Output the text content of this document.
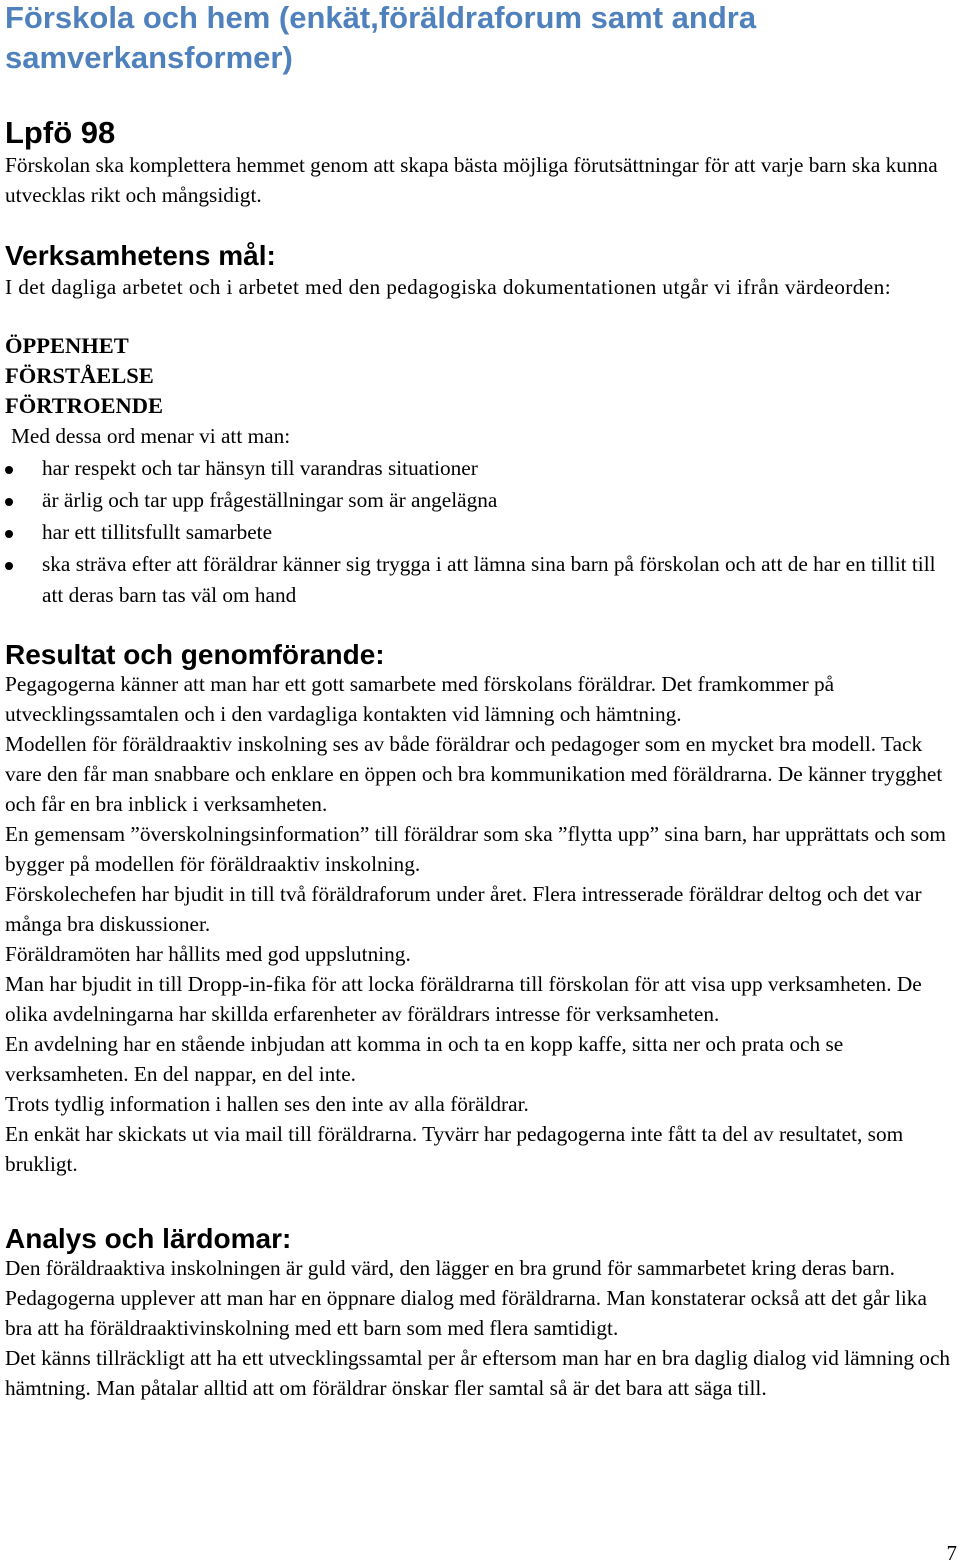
Förskola och hem (enkät,föräldraforum samt andra samverkansformer)
Lpfö 98

Förskolan ska komplettera hemmet genom att skapa bästa möjliga förutsättningar för att varje barn ska kunna utvecklas rikt och mångsidigt.

Verksamhetens mål:

I det dagliga arbetet och i arbetet med den pedagogiska dokumentationen utgår vi ifrån värdeorden:

ÖPPENHET

FÖRSTÅELSE

FÖRTROENDE

Med dessa ord menar vi att man:

har respekt och tar hänsyn till varandras situationer
är ärlig och tar upp frågeställningar som är angelägna
har ett tillitsfullt samarbete
ska sträva efter att föräldrar känner sig trygga i att lämna sina barn på förskolan och att de har en tillit till att deras barn tas väl om hand
Resultat och genomförande:

Pegagogerna känner att man har ett gott samarbete med förskolans föräldrar. Det framkommer på utvecklingssamtalen och i den vardagliga kontakten vid lämning och hämtning.

Modellen för föräldraaktiv inskolning ses av både föräldrar och pedagoger som en mycket bra modell. Tack vare den får man snabbare och enklare en öppen och bra kommunikation med föräldrarna. De känner trygghet och får en bra inblick i verksamheten.

En gemensam ”överskolningsinformation” till föräldrar som ska ”flytta upp” sina barn, har upprättats och som bygger på modellen för föräldraaktiv inskolning.

Förskolechefen har bjudit in till två föräldraforum under året. Flera intresserade föräldrar deltog och det var många bra diskussioner.

Föräldramöten har hållits med god uppslutning.

Man har bjudit in till Dropp-in-fika för att locka föräldrarna till förskolan för att visa upp verksamheten. De olika avdelningarna har skillda erfarenheter av föräldrars intresse för verksamheten.

En avdelning har en stående inbjudan att komma in och ta en kopp kaffe, sitta ner och prata och se verksamheten. En del nappar, en del inte.

Trots tydlig information i hallen ses den inte av alla föräldrar.

En enkät har skickats ut via mail till föräldrarna. Tyvärr har pedagogerna inte fått ta del av resultatet, som brukligt.

Analys och lärdomar:

Den föräldraaktiva inskolningen är guld värd, den lägger en bra grund för sammarbetet kring deras barn. Pedagogerna upplever att man har en öppnare dialog med föräldrarna. Man konstaterar också att det går lika bra att ha föräldraaktivinskolning med ett barn som med flera samtidigt.

Det känns tillräckligt att ha ett utvecklingssamtal per år eftersom man har en bra daglig dialog vid lämning och hämtning. Man påtalar alltid att om föräldrar önskar fler samtal så är det bara att säga till.

7
